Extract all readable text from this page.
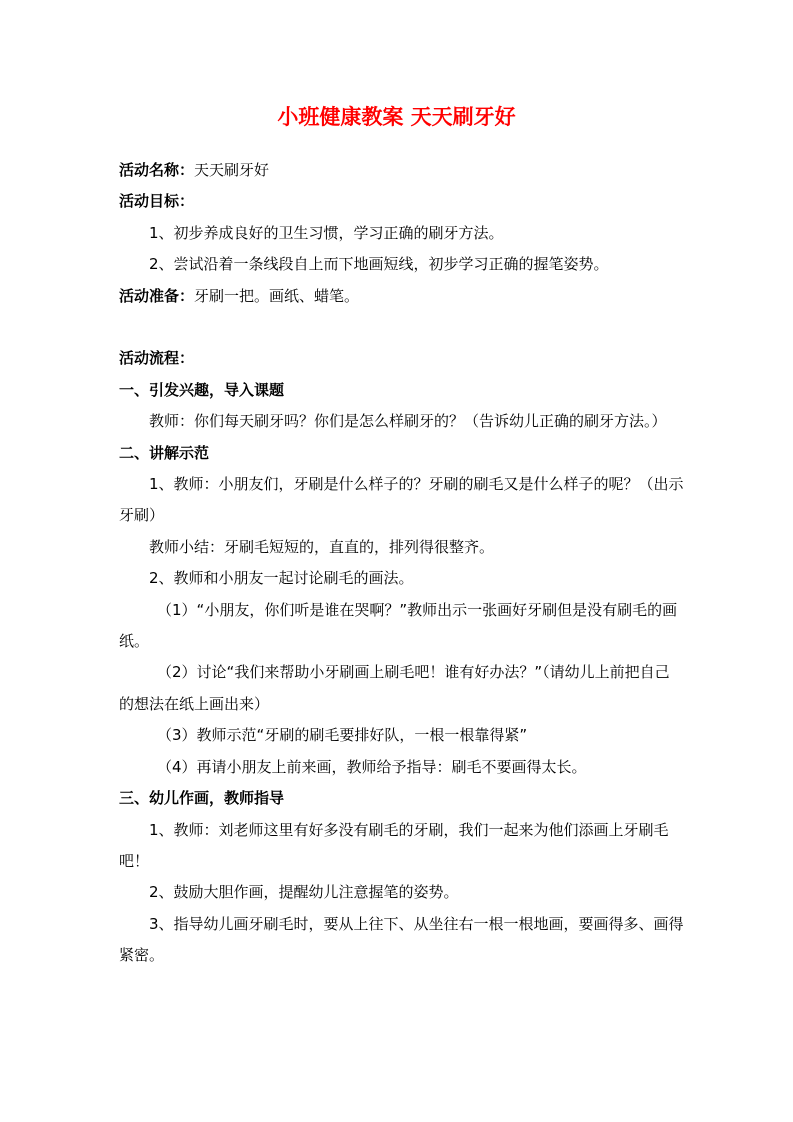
小班健康教案 天天刷牙好

活动名称：天天刷牙好

活动目标：

1、初步养成良好的卫生习惯，学习正确的刷牙方法。

2、尝试沿着一条线段自上而下地画短线，初步学习正确的握笔姿势。

活动准备：牙刷一把。画纸、蜡笔。

活动流程：

一、引发兴趣，导入课题

教师：你们每天刷牙吗？你们是怎么样刷牙的？（告诉幼儿正确的刷牙方法。）

二、讲解示范

1、教师：小朋友们，牙刷是什么样子的？牙刷的刷毛又是什么样子的呢？（出示牙刷）

教师小结：牙刷毛短短的，直直的，排列得很整齐。

2、教师和小朋友一起讨论刷毛的画法。

（1）“小朋友，你们听是谁在哭啊？”教师出示一张画好牙刷但是没有刷毛的画纸。

（2）讨论“我们来帮助小牙刷画上刷毛吧！谁有好办法？”（请幼儿上前把自己的想法在纸上画出来）

（3）教师示范“牙刷的刷毛要排好队，一根一根靠得紧”

（4）再请小朋友上前来画，教师给予指导：刷毛不要画得太长。

三、幼儿作画，教师指导

1、教师：刘老师这里有好多没有刷毛的牙刷，我们一起来为他们添画上牙刷毛吧！

2、鼓励大胆作画，提醒幼儿注意握笔的姿势。

3、指导幼儿画牙刷毛时，要从上往下、从坐往右一根一根地画，要画得多、画得紧密。
